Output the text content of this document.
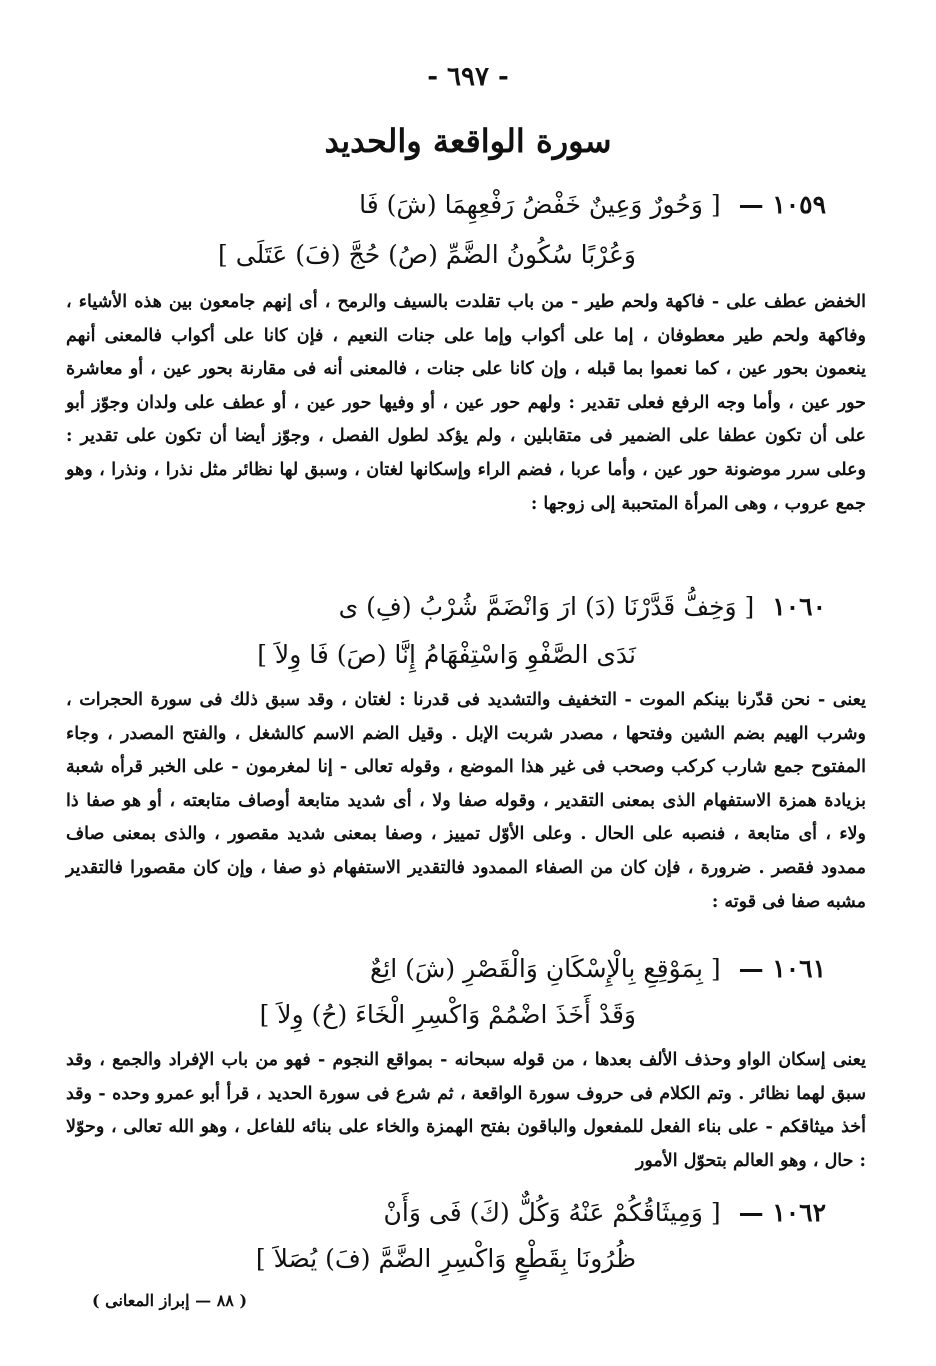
- ٦٩٧ -
سورة الواقعة والحديد
١٠٥٩ — [ وَحُورٌ وَعِينٌ خَفْضُ رَفْعِهِمَا (شَ) فَا
وَعُرْبًا سُكُونُ الضَّمِّ (صُ) حُجَّ (فَ) عَتَلَى ]

الخفض عطف على - فاكهة ولحم طير - من باب تقلدت بالسيف والرمح ، أى إنهم جامعون بين هذه الأشياء ، وفاكهة ولحم طير معطوفان ، إما على أكواب وإما على جنات النعيم ، فإن كانا على أكواب فالمعنى أنهم ينعمون بحور عين ، كما نعموا بما قبله ، وإن كانا على جنات ، فالمعنى أنه فى مقارنة بحور عين ، أو معاشرة حور عين ، وأما وجه الرفع فعلى تقدير : ولهم حور عين ، أو وفيها حور عين ، أو عطف على ولدان وجوّز أبو على أن تكون عطفا على الضمير فى متقابلين ، ولم يؤكد لطول الفصل ، وجوّز أيضا أن تكون على تقدير : وعلى سرر موضونة حور عين ، وأما عربا ، فضم الراء وإسكانها لغتان ، وسبق لها نظائر مثل نذرا ، ونذرا ، وهو جمع عروب ، وهى المرأة المتحببة إلى زوجها :

١٠٦٠ [ وَخِفُّ قَدَّرْنَا (دَ) ارَ وَانْضَمَّ شُرْبُ (فِ) ى
نَدَى الصَّفْوِ وَاسْتِفْهَامُ إِنَّا (صَ) فَا وِلاَ ]

يعنى - نحن قدّرنا بينكم الموت - التخفيف والتشديد فى قدرنا : لغتان ، وقد سبق ذلك فى سورة الحجرات ، وشرب الهيم بضم الشين وفتحها ، مصدر شربت الإبل . وقيل الضم الاسم كالشغل ، والفتح المصدر ، وجاء المفتوح جمع شارب كركب وصحب فى غير هذا الموضع ، وقوله تعالى - إنا لمغرمون - على الخبر قرأه شعبة بزيادة همزة الاستفهام الذى بمعنى التقدير ، وقوله صفا ولا ، أى شديد متابعة أوصاف متابعته ، أو هو صفا ذا ولاء ، أى متابعة ، فنصبه على الحال . وعلى الأوّل تمييز ، وصفا بمعنى شديد مقصور ، والذى بمعنى صاف ممدود فقصر . ضرورة ، فإن كان من الصفاء الممدود فالتقدير الاستفهام ذو صفا ، وإن كان مقصورا فالتقدير مشبه صفا فى قوته :

١٠٦١ — [ بِمَوْقِعِ بِالْإِسْكَانِ وَالْقَصْرِ (شَ) ائِعٌ
وَقَدْ أَخَذَ اضْمُمْ وَاكْسِرِ الْخَاءَ (حُ) وِلاَ ]

يعنى إسكان الواو وحذف الألف بعدها ، من قوله سبحانه - بمواقع النجوم - فهو من باب الإفراد والجمع ، وقد سبق لهما نظائر . وتم الكلام فى حروف سورة الواقعة ، ثم شرع فى سورة الحديد ، قرأ أبو عمرو وحده - وقد أخذ ميثاقكم - على بناء الفعل للمفعول والباقون بفتح الهمزة والخاء على بنائه للفاعل ، وهو الله تعالى ، وحوّلا : حال ، وهو العالم بتحوّل الأمور

١٠٦٢ — [ وَمِيثَاقُكُمْ عَنْهُ وَكُلٌّ (كَ) فَى وَأَنْ
ظُرُونَا بِقَطْعٍ وَاكْسِرِ الضَّمَّ (فَ) يُصَلاَ ]
( ٨٨ — إبراز المعانى )
